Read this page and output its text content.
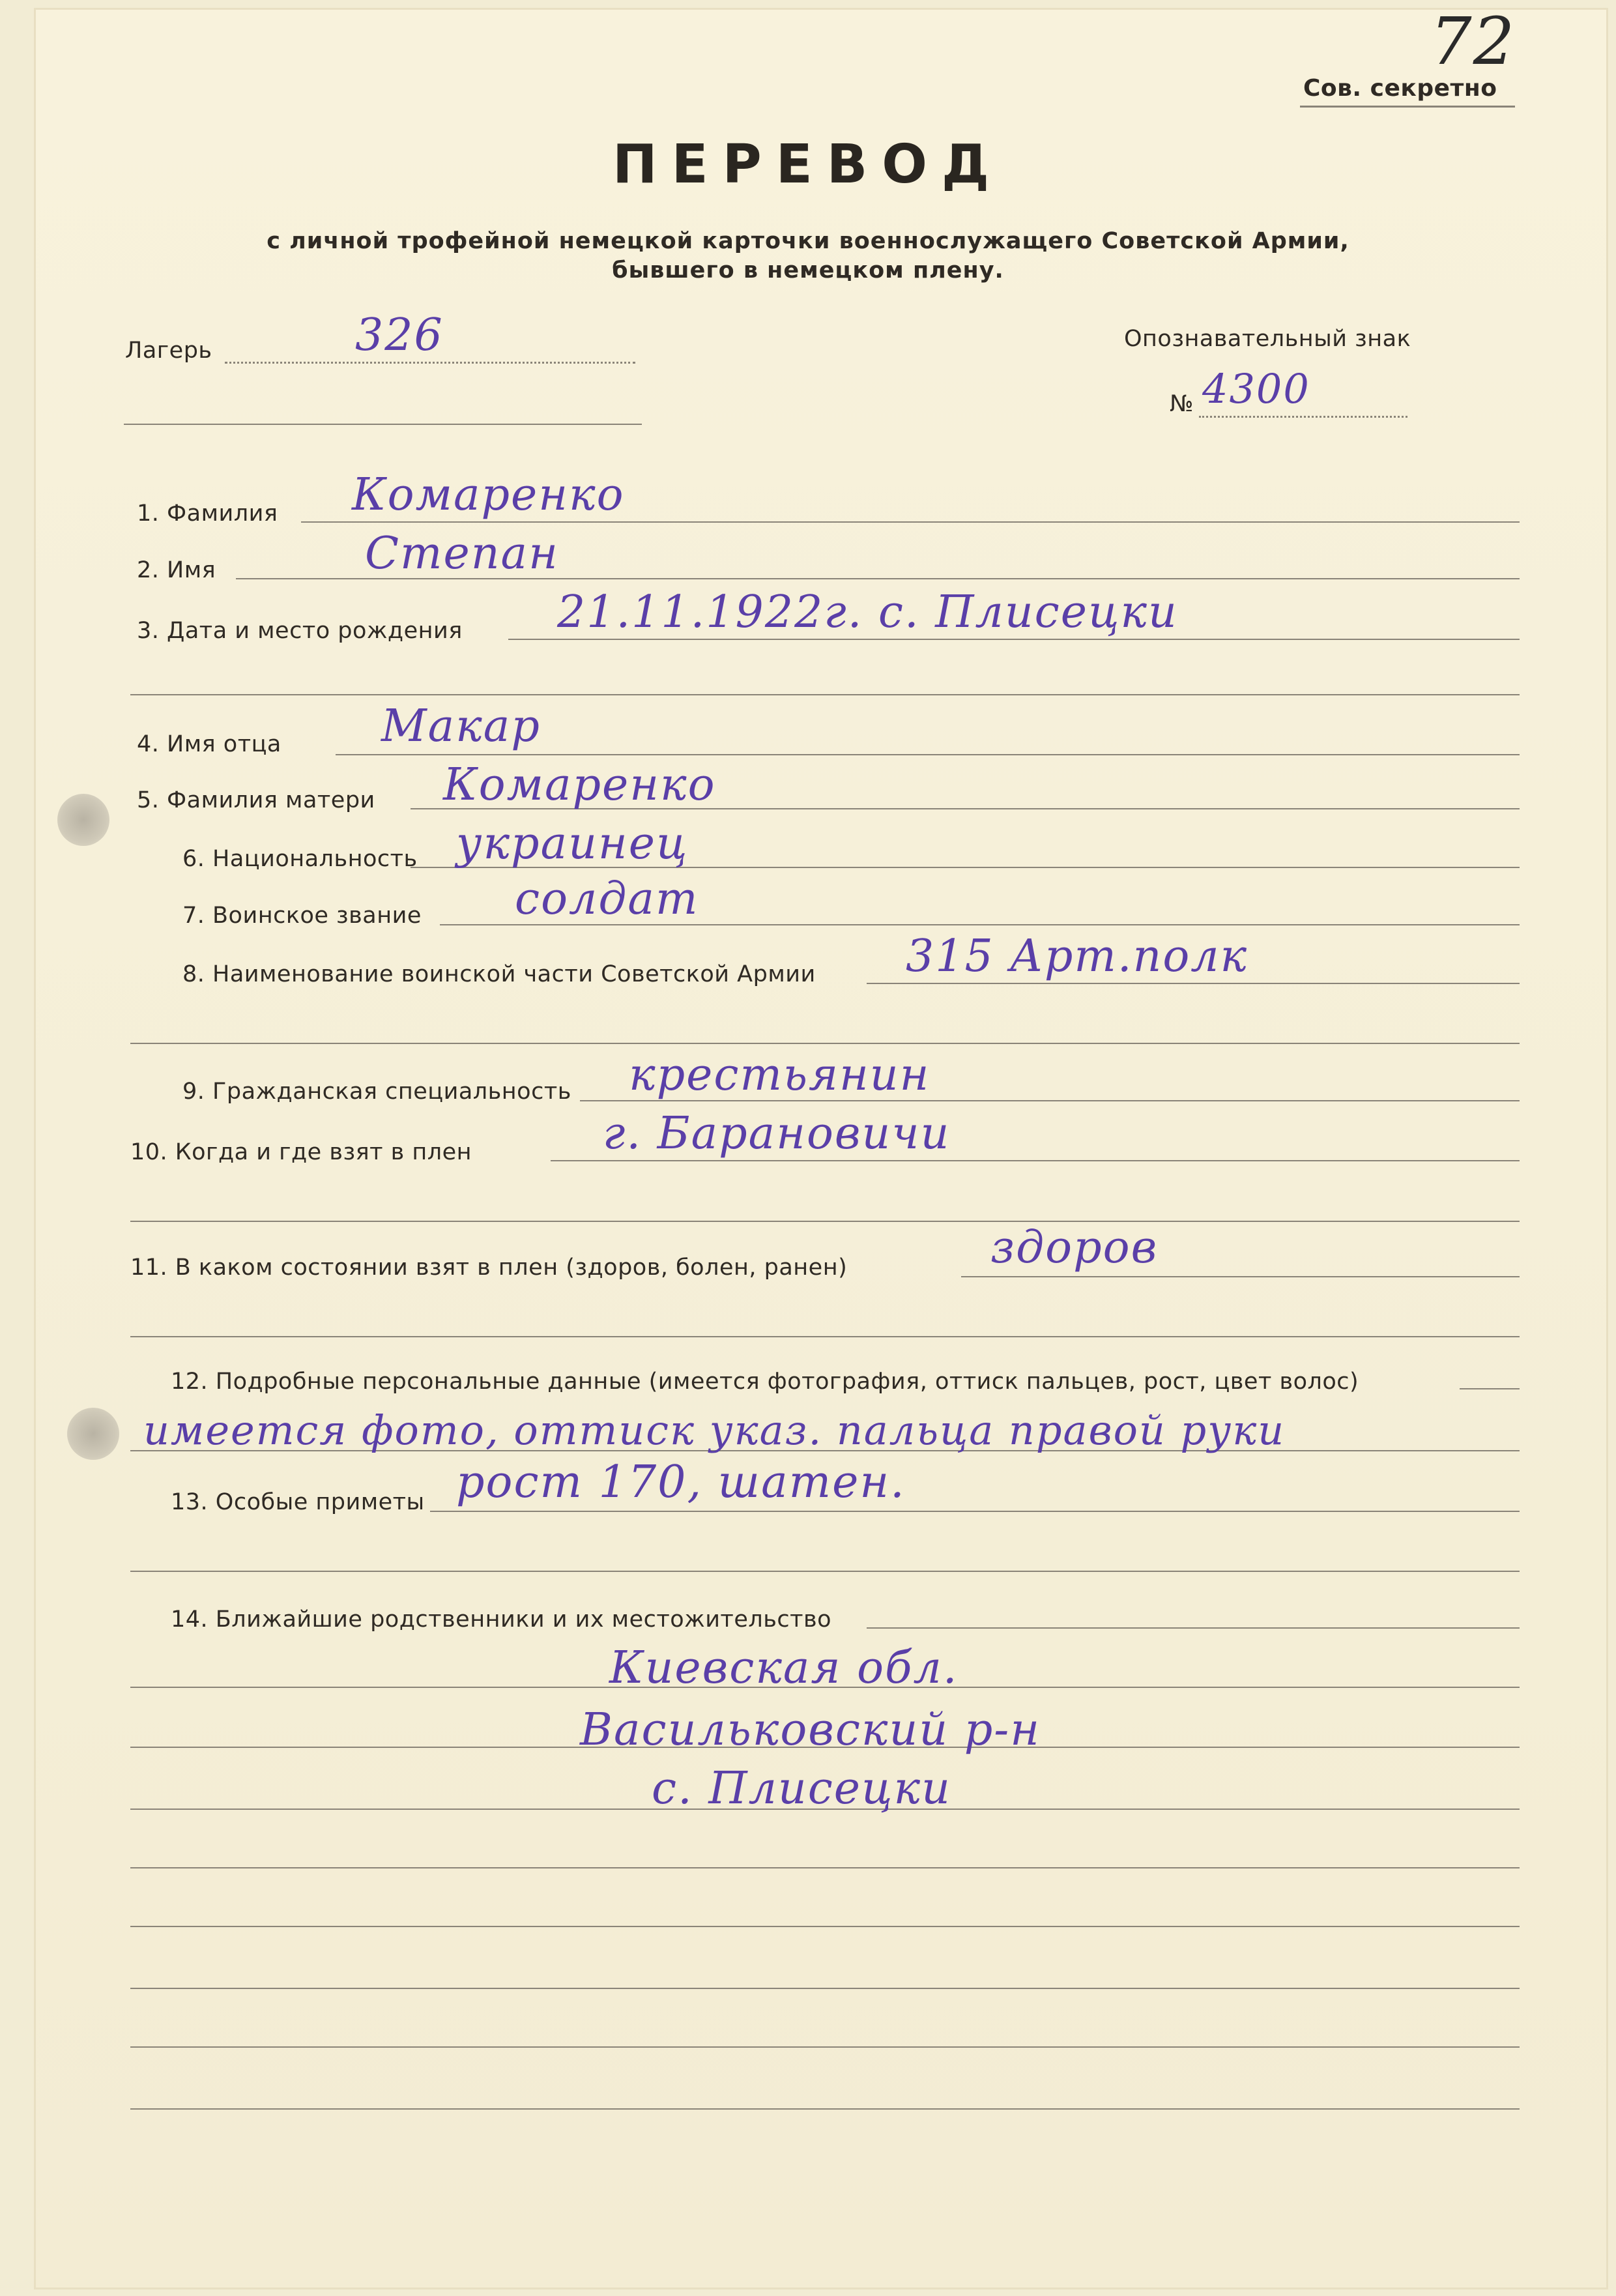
72
Сов. секретно
ПЕРЕВОД
с личной трофейной немецкой карточки военнослужащего Советской Армии,
бывшего в немецком плену.
Лагерь	326	Опознавательный знак
№ 4300
1. Фамилия Комаренко
2. Имя	Степан
3. Дата и место рождения 21.11.1922г. с. Плисецки
4. Имя отца Макар
5. Фамилия матери Комаренко
6. Национальность украинец
7. Воинское звание солдат
8. Наименование воинской части Советской Армии 315 Арт.полк
9. Гражданская специальность крестьянин
10. Когда и где взят в плен	г. Барановичи
11. В каком состоянии взят в плен (здоров, болен, ранен)	здоров
12. Подробные персональные данные (имеется фотография, оттиск пальцев, рост, цвет волос)
имеется фото, оттиск указ. пальца правой руки
13. Особые приметы рост 170, шатен.
14. Ближайшие родственники и их местожительство
Киевская обл.
Васильковский р-н
с. Плисецки
